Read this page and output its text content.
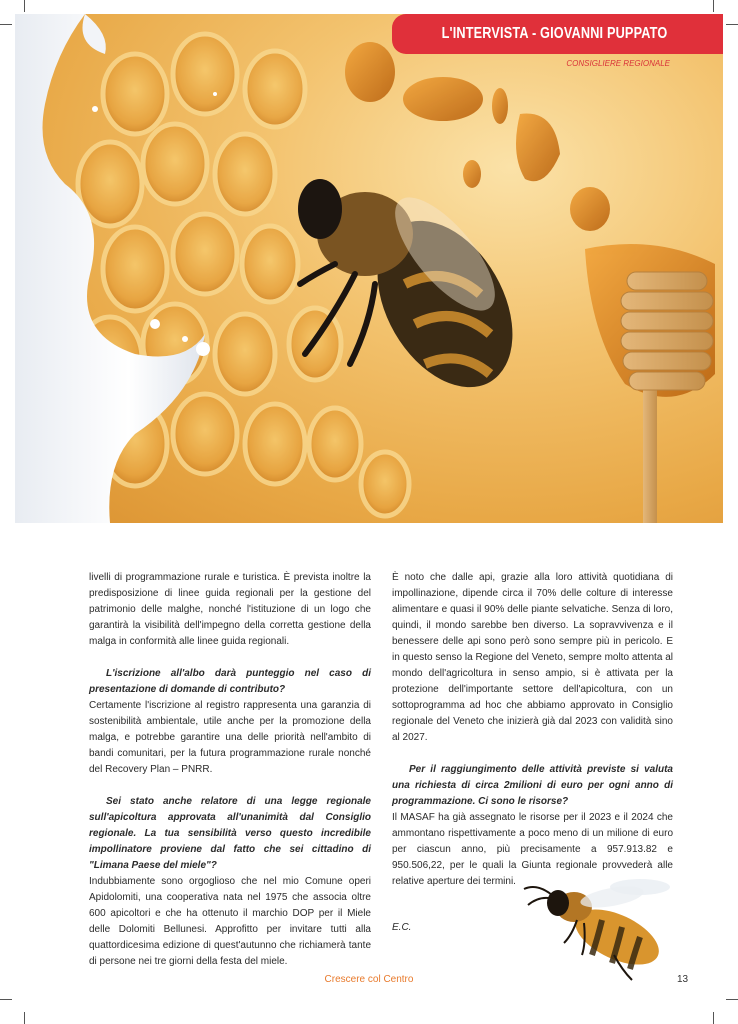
L'INTERVISTA - GIOVANNI PUPPATO
CONSIGLIERE REGIONALE

livelli di programmazione rurale e turistica. È prevista inoltre la predisposizione di linee guida regionali per la gestione del patrimonio delle malghe, nonché l'istituzione di un logo che garantirà la visibilità dell'impegno della corretta gestione della malga in conformità alle linee guida regionali.

L'iscrizione all'albo darà punteggio nel caso di presentazione di domande di contributo?

Certamente l'iscrizione al registro rappresenta una garanzia di sostenibilità ambientale, utile anche per la promozione della malga, e potrebbe garantire una delle priorità nell'ambito di bandi comunitari, per la futura programmazione rurale nonché del Recovery Plan – PNRR.

Sei stato anche relatore di una legge regionale sull'apicoltura approvata all'unanimità dal Consiglio regionale. La tua sensibilità verso questo incredibile impollinatore proviene dal fatto che sei cittadino di "Limana Paese del miele"?

Indubbiamente sono orgoglioso che nel mio Comune operi Apidolomiti, una cooperativa nata nel 1975 che associa oltre 600 apicoltori e che ha ottenuto il marchio DOP per il Miele delle Dolomiti Bellunesi. Approfitto per invitare tutti alla quattordicesima edizione di quest'autunno che richiamerà tante di persone nei tre giorni della festa del miele.

È noto che dalle api, grazie alla loro attività quotidiana di impollinazione, dipende circa il 70% delle colture di interesse alimentare e quasi il 90% delle piante selvatiche. Senza di loro, quindi, il mondo sarebbe ben diverso. La sopravvivenza e il benessere delle api sono però sono sempre più in pericolo. E in questo senso la Regione del Veneto, sempre molto attenta al mondo dell'agricoltura in senso ampio, si è attivata per la protezione dell'importante settore dell'apicoltura, con un sottoprogramma ad hoc che abbiamo approvato in Consiglio regionale del Veneto che inizierà già dal 2023 con validità sino al 2027.

Per il raggiungimento delle attività previste si valuta una richiesta di circa 2milioni di euro per ogni anno di programmazione. Ci sono le risorse?

Il MASAF ha già assegnato le risorse per il 2023 e il 2024 che ammontano rispettivamente a poco meno di un milione di euro per ciascun anno, più precisamente a 957.913.82 e 950.506,22, per le quali la Giunta regionale provvederà alle relative aperture dei termini.

E.C.

Crescere col Centro	13
